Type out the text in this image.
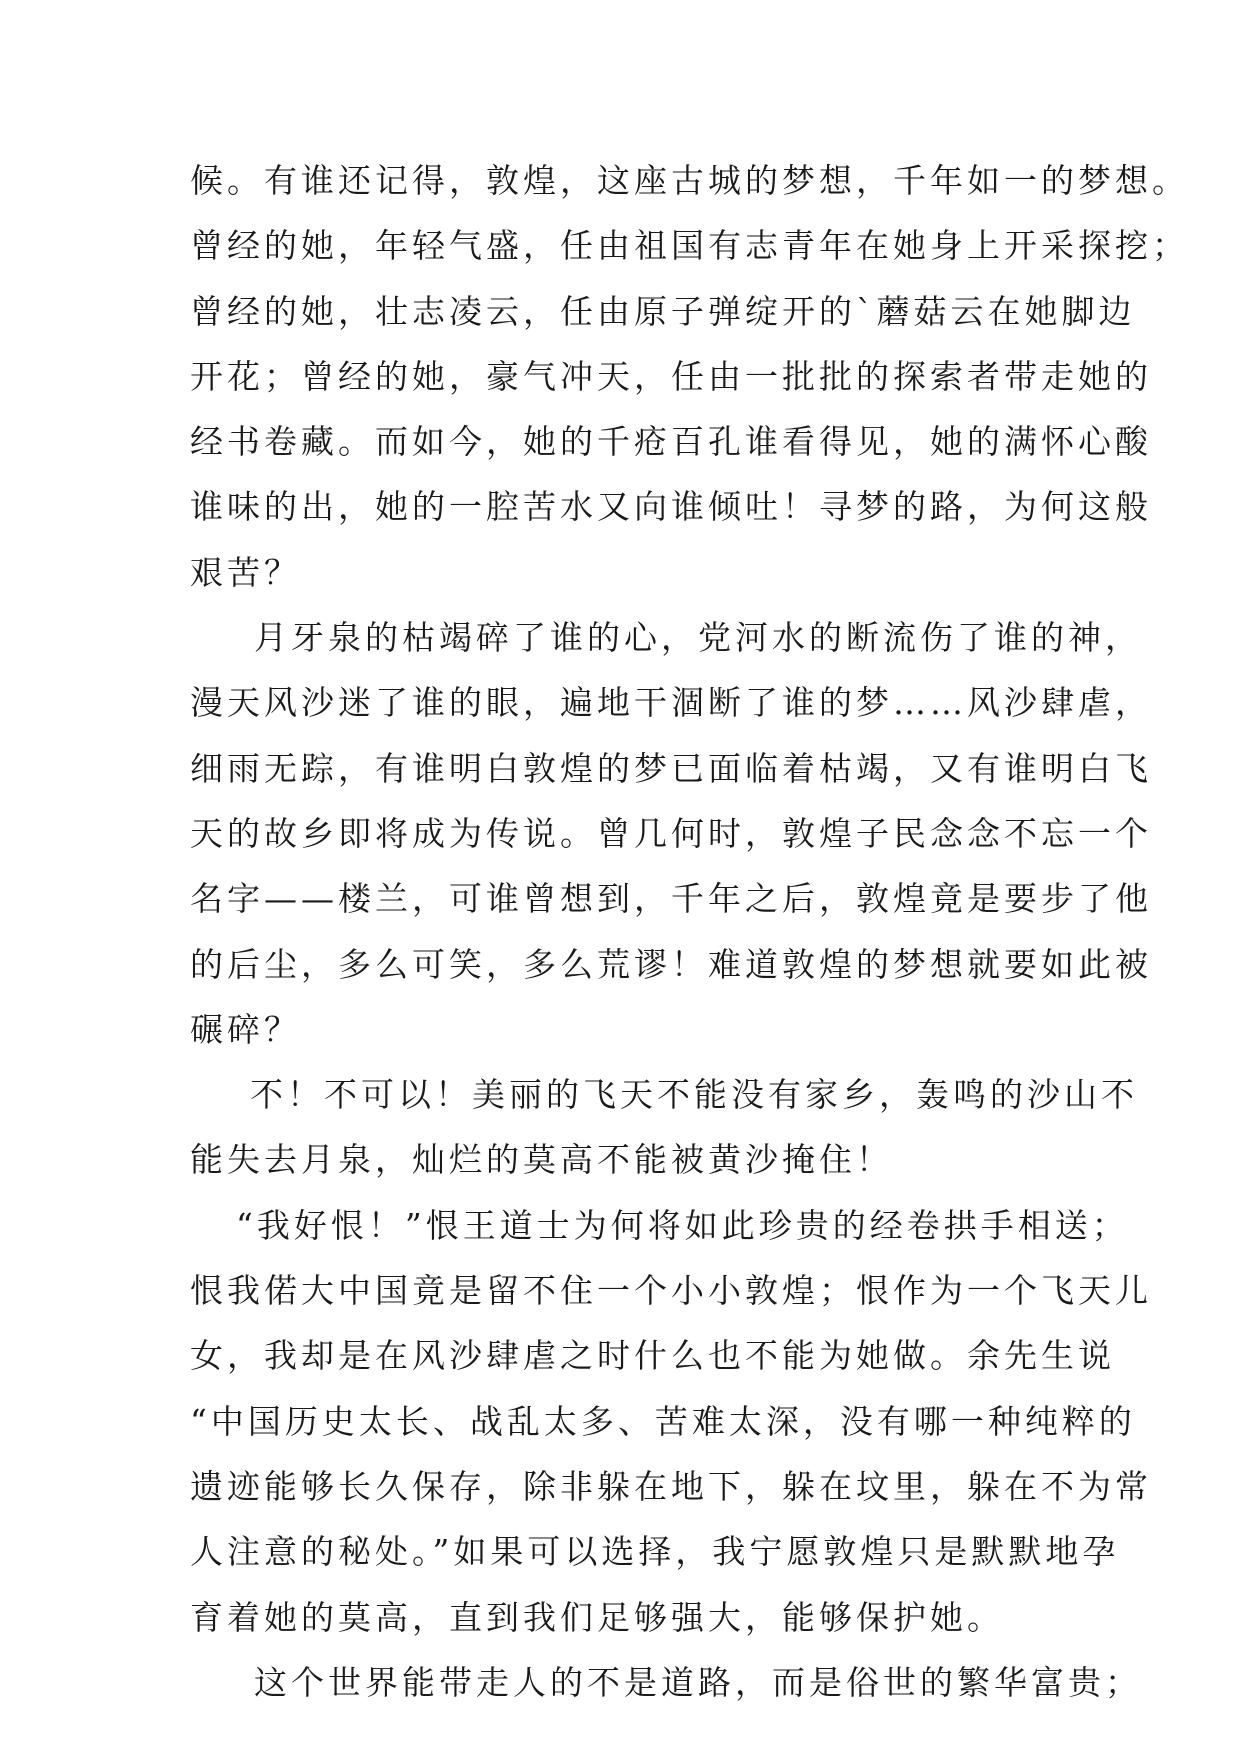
候。有谁还记得，敦煌，这座古城的梦想，千年如一的梦想。
曾经的她，年轻气盛，任由祖国有志青年在她身上开采探挖；
曾经的她，壮志凌云，任由原子弹绽开的`蘑菇云在她脚边
开花；曾经的她，豪气冲天，任由一批批的探索者带走她的
经书卷藏。而如今，她的千疮百孔谁看得见，她的满怀心酸
谁味的出，她的一腔苦水又向谁倾吐！寻梦的路，为何这般
艰苦？
月牙泉的枯竭碎了谁的心，党河水的断流伤了谁的神，
漫天风沙迷了谁的眼，遍地干涸断了谁的梦……风沙肆虐，
细雨无踪，有谁明白敦煌的梦已面临着枯竭，又有谁明白飞
天的故乡即将成为传说。曾几何时，敦煌子民念念不忘一个
名字——楼兰，可谁曾想到，千年之后，敦煌竟是要步了他
的后尘，多么可笑，多么荒谬！难道敦煌的梦想就要如此被
碾碎？
不！不可以！美丽的飞天不能没有家乡，轰鸣的沙山不
能失去月泉，灿烂的莫高不能被黄沙掩住！
“我好恨！”恨王道士为何将如此珍贵的经卷拱手相送；
恨我偌大中国竟是留不住一个小小敦煌；恨作为一个飞天儿
女，我却是在风沙肆虐之时什么也不能为她做。余先生说
“中国历史太长、战乱太多、苦难太深，没有哪一种纯粹的
遗迹能够长久保存，除非躲在地下，躲在坟里，躲在不为常
人注意的秘处。”如果可以选择，我宁愿敦煌只是默默地孕
育着她的莫高，直到我们足够强大，能够保护她。
这个世界能带走人的不是道路，而是俗世的繁华富贵；
